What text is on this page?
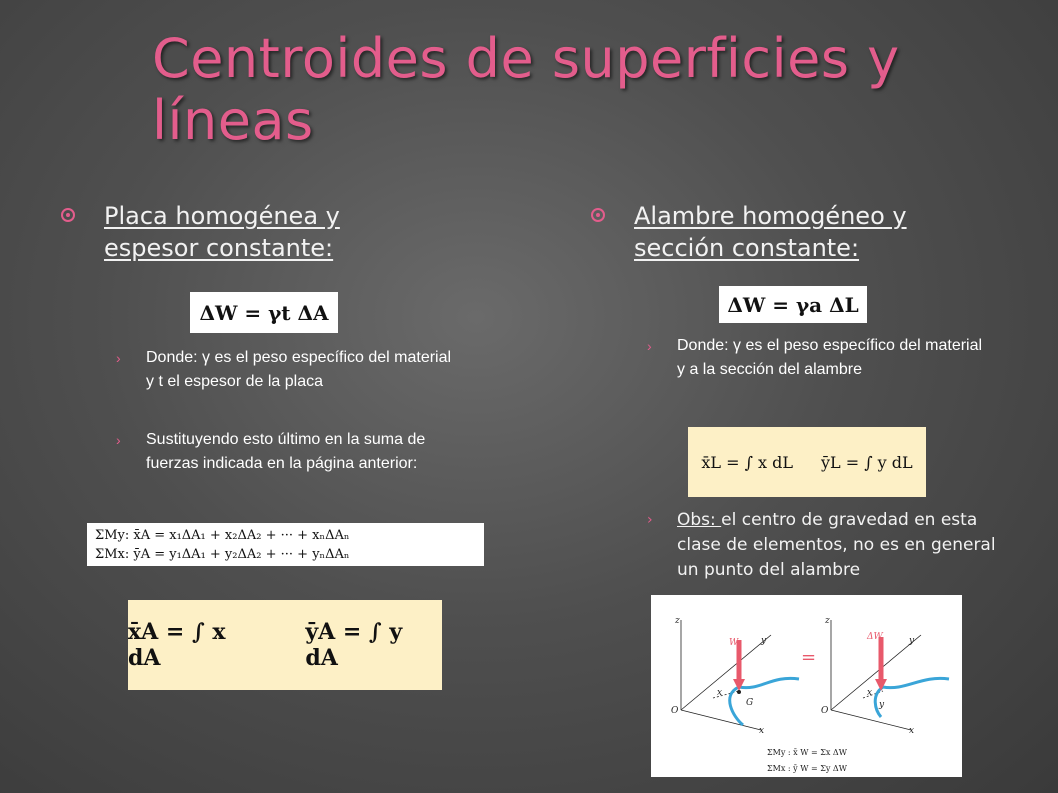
Centroides de superficies y líneas
Placa homogénea y espesor constante:
ΔW = γt ΔA
› Donde: γ es el peso específico del material y t el espesor de la placa
› Sustituyendo esto último en la suma de fuerzas indicada en la página anterior:
ΣMy: x̄A = x₁ΔA₁ + x₂ΔA₂ + ··· + xₙΔAₙ
ΣMx: ȳA = y₁ΔA₁ + y₂ΔA₂ + ··· + yₙΔAₙ
x̄A = ∫ x dA
ȳA = ∫ y dA
Alambre homogéneo y sección constante:
ΔW = γa ΔL
› Donde: γ es el peso específico del material y a la sección del alambre
x̄L = ∫ x dL ȳL = ∫ y dL
› Obs: el centro de gravedad en esta clase de elementos, no es en general un punto del alambre
z
y
W
x
O
G
x
=
z
ΔW	y
x
y
O
x
ΣMy : x̄ W = Σx ΔW
ΣMx : ȳ W = Σy ΔW
